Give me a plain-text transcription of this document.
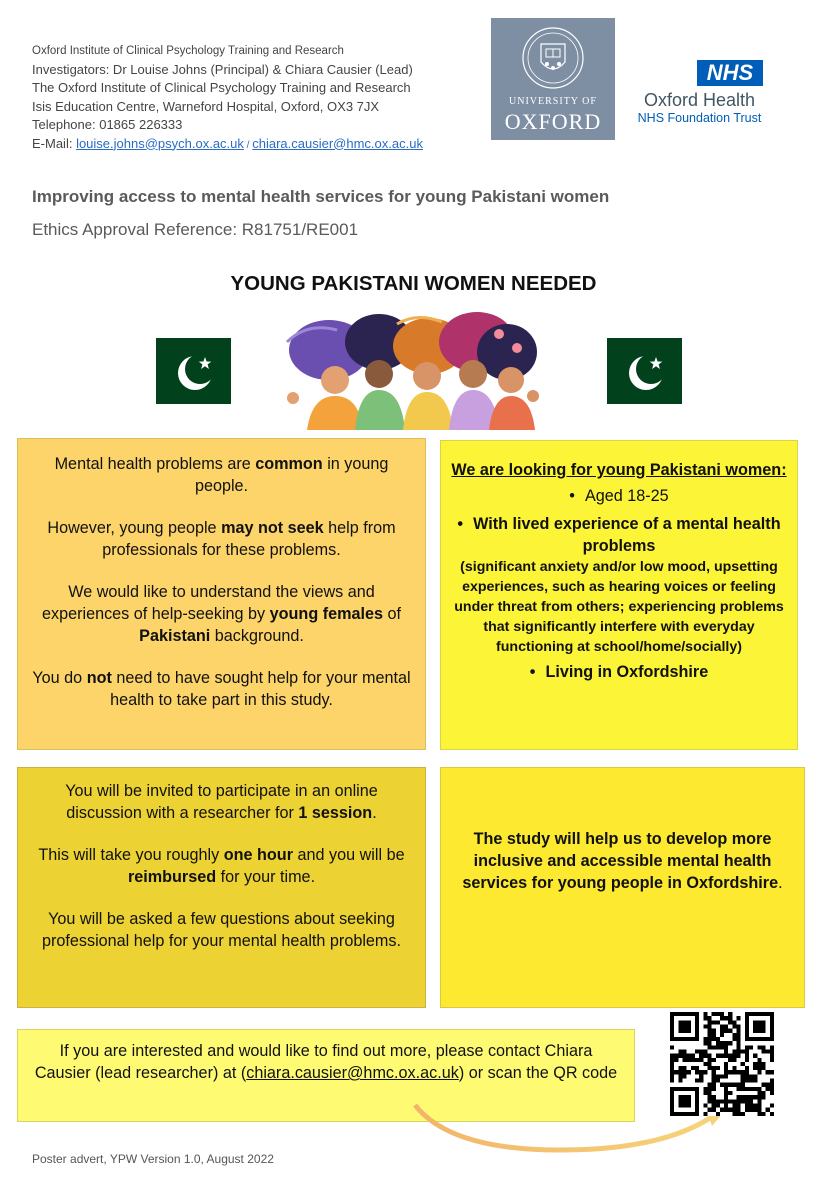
Oxford Institute of Clinical Psychology Training and Research
Investigators: Dr Louise Johns (Principal) & Chiara Causier (Lead)
The Oxford Institute of Clinical Psychology Training and Research
Isis Education Centre, Warneford Hospital, Oxford, OX3 7JX
Telephone: 01865 226333
E-Mail: louise.johns@psych.ox.ac.uk / chiara.causier@hmc.ox.ac.uk
UNIVERSITY OF
OXFORD
NHS
Oxford Health
NHS Foundation Trust
Improving access to mental health services for young Pakistani women
Ethics Approval Reference: R81751/RE001
YOUNG PAKISTANI WOMEN NEEDED

Mental health problems are common in young people.

However, young people may not seek help from professionals for these problems.

We would like to understand the views and experiences of help-seeking by young females of Pakistani background.

You do not need to have sought help for your mental health to take part in this study.

We are looking for young Pakistani women:
• Aged 18-25
• With lived experience of a mental health problems
(significant anxiety and/or low mood, upsetting experiences, such as hearing voices or feeling under threat from others; experiencing problems that significantly interfere with everyday functioning at school/home/socially)
• Living in Oxfordshire

You will be invited to participate in an online discussion with a researcher for 1 session.

This will take you roughly one hour and you will be reimbursed for your time.

You will be asked a few questions about seeking professional help for your mental health problems.

The study will help us to develop more inclusive and accessible mental health services for young people in Oxfordshire.
If you are interested and would like to find out more, please contact Chiara Causier (lead researcher) at (chiara.causier@hmc.ox.ac.uk) or scan the QR code
Poster advert, YPW Version 1.0, August 2022
